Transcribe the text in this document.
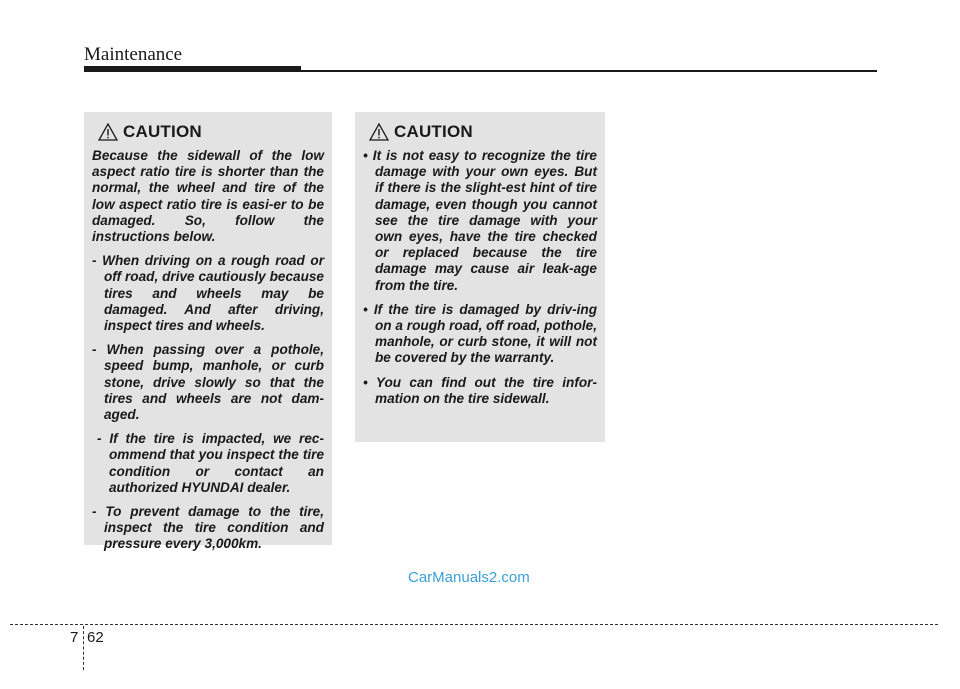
Maintenance
CAUTION

Because the sidewall of the low aspect ratio tire is shorter than the normal, the wheel and tire of the low aspect ratio tire is easi-er to be damaged. So, follow the instructions below.

- When driving on a rough road or off road, drive cautiously because tires and wheels may be damaged. And after driving, inspect tires and wheels.

- When passing over a pothole, speed bump, manhole, or curb stone, drive slowly so that the tires and wheels are not dam-aged.

- If the tire is impacted, we rec-ommend that you inspect the tire condition or contact an authorized HYUNDAI dealer.

- To prevent damage to the tire, inspect the tire condition and pressure every 3,000km.

CAUTION

• It is not easy to recognize the tire damage with your own eyes. But if there is the slight-est hint of tire damage, even though you cannot see the tire damage with your own eyes, have the tire checked or replaced because the tire damage may cause air leak-age from the tire.

• If the tire is damaged by driv-ing on a rough road, off road, pothole, manhole, or curb stone, it will not be covered by the warranty.

• You can find out the tire infor-mation on the tire sidewall.

CarManuals2.com
7 62
